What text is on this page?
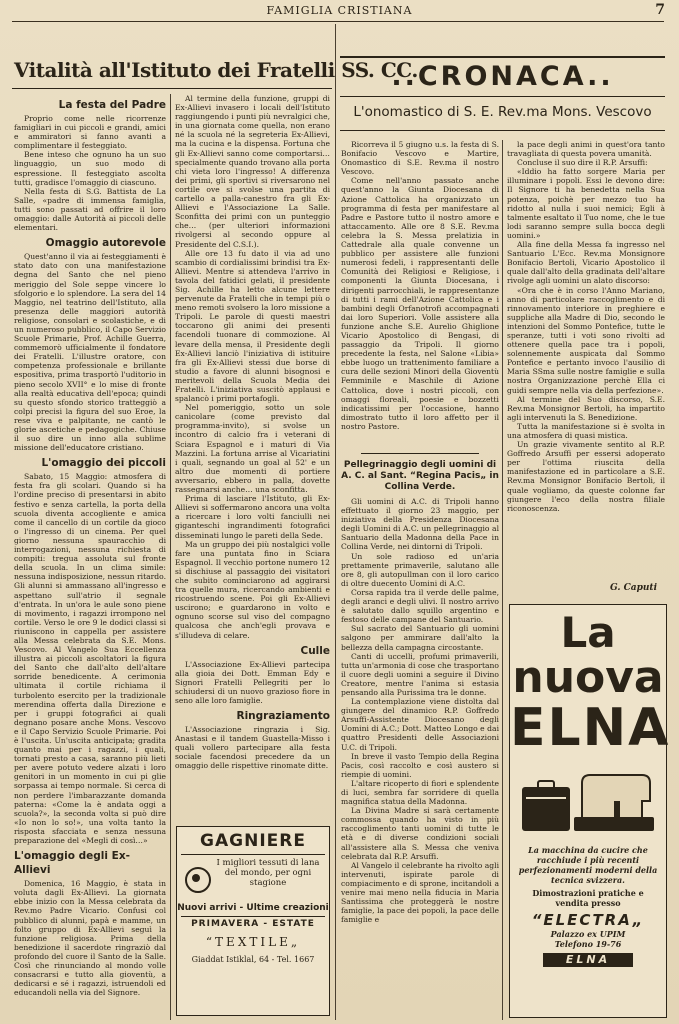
FAMIGLIA CRISTIANA	7
Vitalità all'Istituto dei Fratelli SS. CC.
La festa del Padre

Proprio come nelle ricorrenze famigliari in cui piccoli e grandi, amici e ammiratori si fanno avanti a complimentare il festeggiato.

Bene inteso che ognuno ha un suo linguaggio, un suo modo di espressione. Il festeggiato ascolta tutti, gradisce l'omaggio di ciascuno.

Nella festa di S.G. Battista de La Salle, «padre di immensa famiglia, tutti sono passati ad offrire il loro omaggio: dalle Autorità ai piccoli delle elementari.

Omaggio autorevole

Quest'anno il via ai festeggiamenti è stato dato con una manifestazione degna del Santo che nel pieno meriggio del Sole seppe vincere lo sfolgorio e lo splendore. La sera del 14 Maggio, nel teatrino dell'Istituto, alla presenza delle maggiori autorità religiose, consolari e scolastiche, e di un numeroso pubblico, il Capo Servizio Scuole Primarie, Prof. Achille Guerra, commemorò ufficialmente il fondatore dei Fratelli. L'illustre oratore, con competenza professionale e brillante espositiva, prima trasportò l'uditorio in pieno secolo XVII° e lo mise di fronte alla realtà educativa dell'epoca; quindi su questo sfondo storico tratteggiò a colpi precisi la figura del suo Eroe, la rese viva e palpitante, ne cantò le glorie ascetiche e pedagogiche. Chiuse il suo dire un inno alla sublime missione dell'educatore cristiano.

L'omaggio dei piccoli

Sabato, 15 Maggio: atmosfera di festa fra gli scolari. Quando si ha l'ordine preciso di presentarsi in abito festivo e senza cartella, la porta della scuola diventa accogliente e amica come il cancello di un cortile da gioco o l'ingresso di un cinema. Per quel giorno nessuna spauracchio di interrogazioni, nessuna richiesta di compiti: tregua assoluta sul fronte della scuola. In un clima simile: nessuna indisposizione, nessun ritardo. Gli alunni si ammassano all'ingresso e aspettano sull'atrio il segnale d'entrata. In un'ora le aule sono piene di movimento, i ragazzi irrompono nel cortile. Verso le ore 9 le dodici classi si riuniscono in cappella per assistere alla Messa celebrata da S.E. Mons. Vescovo. Al Vangelo Sua Eccellenza illustra ai piccoli ascoltatori la figura del Santo che dall'alto dell'altare sorride benedicente. A cerimonia ultimata il cortile richiama il turbolento esercito per la tradizionale merendina offerta dalla Direzione e per i gruppi fotografici ai quali degnano posare anche Mons. Vescovo e il Capo Servizio Scuole Primarie. Poi è l'uscita. Un'uscita anticipata; gradita quanto mai per i ragazzi, i quali, tornati presto a casa, saranno più lieti per avere potuto vedere alzati i loro genitori in un momento in cui pi glie sorpassa ai tempo normale. Si cerca di non perdere l'imbarazzante domanda paterna: «Come la è andata oggi a scuola?», la seconda volta si può dire «Io non lo so!», una volta tanto la risposta sfacciata e senza nessuna preparazione del «Megli di così…»

L'omaggio degli Ex-Allievi

Domenica, 16 Maggio, è stata in voluta dagli Ex-Allievi. La giornata ebbe inizio con la Messa celebrata da Rev.mo Padre Vicario. Confusi col pubblico di alunni, papà e mamme, un folto gruppo di Ex-Allievi seguì la funzione religiosa. Prima della benedizione il sacerdote ringraziò dal profondo del cuore il Santo de la Salle. Così che rinunciando al mondo volle consacrarsi e tutto alla gioventù, a dedicarsi e sé i ragazzi, istruendoli ed educandoli nella via del Signore.

Al termine della funzione, gruppi di Ex-Allievi invasero i locali dell'Istituto raggiungendo i punti più nevralgici che, in una giornata come quella, non erano né la scuola né la segreteria Ex-Allievi, ma la cucina e la dispensa. Fortuna che gli Ex-Allievi sanno come comportarsi… specialmente quando trovano alla porta chi vieta loro l'ingresso! A differenza dei primi, gli sportivi si riversarono nel cortile ove si svolse una partita di cartello a palla-canestro fra gli Ex-Allievi e l'Associazione La Salle. Sconfitta dei primi con un punteggio che… (per ulteriori informazioni rivolgersi al secondo oppure al Presidente del C.S.I.).

Alle ore 13 fu dato il via ad uno scambio di cordialissimi brindisi tra Ex-Allievi. Mentre si attendeva l'arrivo in tavola del fatidici gelati, il presidente Sig. Achille ha letto alcune lettere pervenute da Fratelli che in tempi più o meno remoti svolsero la loro missione a Tripoli. Le parole di questi maestri toccarono gli animi dei presenti facendoli tuonare di commozione. Al levare della mensa, il Presidente degli Ex-Allievi lanciò l'iniziativa di istituire fra gli Ex-Allievi stessi due borse di studio a favore di alunni bisognosi e meritevoli della Scuola Media dei Fratelli. L'iniziativa suscitò applausi e spalancò i primi portafogli.

Nel pomeriggio, sotto un sole canicolare (come previsto dal programma-invito), si svolse un incontro di calcio fra i veterani di Sciara Espagnol e i maturi di Via Mazzini. La fortuna arrise al Vicariatini i quali, segnando un goal al 52' e un altro due momenti di portiere avversario, ebbero in palla, dovette rassegnarsi anche… una sconfitta.

Prima di lasciare l'Istituto, gli Ex-Allievi si soffermarono ancora una volta a ricercare i loro volti fanciulli nei giganteschi ingrandimenti fotografici disseminati lungo le pareti della Sede.

Ma un gruppo dei più nostalgici volle fare una puntata fino in Sciara Espagnol. Il vecchio portone numero 12 si dischiuse al passaggio dei visitatori che subito cominciarono ad aggirarsi tra quelle mura, ricercando ambienti e ricostruendo scene. Poi gli Ex-Allievi uscirono; e guardarono in volto e ognuno scorse sul viso del compagno qualcosa che anch'egli provava e s'illudeva di celare.

Culle

L'Associazione Ex-Allievi partecipa alla gioia dei Dott. Emman Edy e Signori Fratelli Pellegriti per lo schiudersi di un nuovo grazioso fiore in seno alle loro famiglie.

Ringraziamento

L'Associazione ringrazia i Sig. Anastasi e il tandem Guastella-Misso i quali vollero partecipare alla festa sociale facendosi precedere da un omaggio delle rispettive rinomate ditte.

GAGNIERE
I migliori tessuti di lana del mondo, per ogni stagione
Nuovi arrivi - Ultime creazioni
PRIMAVERA - ESTATE
“TEXTILE„
Giaddat Istiklal, 64 - Tel. 1667
..CRONACA..
L'onomastico di S. E. Rev.ma Mons. Vescovo

Ricorreva il 5 giugno u.s. la festa di S. Bonifacio Vescovo e Martire, Onomastico di S.E. Rev.ma il nostro Vescovo.

Come nell'anno passato anche quest'anno la Giunta Diocesana di Azione Cattolica ha organizzato un programma di festa per manifestare al Padre e Pastore tutto il nostro amore e attaccamento. Alle ore 8 S.E. Rev.ma celebra la S. Messa prelatizia in Cattedrale alla quale convenne un pubblico per assistere alle funzioni numerosi fedeli, i rappresentanti delle Comunità dei Religiosi e Religiose, i componenti la Giunta Diocesana, i dirigenti parrocchiali, le rappresentanze di tutti i rami dell'Azione Cattolica e i bambini degli Orfanotrofi accompagnati dai loro Superiori. Volle assistere alla funzione anche S.E. Aurelio Ghiglione Vicario Apostolico di Bengasi, di passaggio da Tripoli. Il giorno precedente la festa, nel Salone «Libia» ebbe luogo un trattenimento familiare a cura delle sezioni Minori della Gioventù Femminile e Maschile di Azione Cattolica, dove i nostri piccoli, con omaggi floreali, poesie e bozzetti indicatissimi per l'occasione, hanno dimostrato tutto il loro affetto per il nostro Pastore.

Pellegrinaggio degli uomini di A. C. al Sant. “Regina Pacis„ in Collina Verde.

Gli uomini di A.C. di Tripoli hanno effettuato il giorno 23 maggio, per iniziativa della Presidenza Diocesana degli Uomini di A.C. un pellegrinaggio al Santuario della Madonna della Pace in Collina Verde, nei dintorni di Tripoli.

Un sole radioso ed un'aria prettamente primaverile, salutano alle ore 8, gli autopullman con il loro carico di oltre duecento Uomini di A.C.

Corsa rapida tra il verde delle palme, degli aranci e degli ulivi. Il nostro arrivo è salutato dallo squillo argentino e festoso delle campane del Santuario.

Sul sacrato del Santuario gli uomini salgono per ammirare dall'alto la bellezza della campagna circostante.

Canti di uccelli, profumi primaverili, tutta un'armonia di cose che trasportano il cuore degli uomini a seguire il Divino Creatore, mentre l'anima si estasia pensando alla Purissima tra le donne.

La contemplazione viene distolta dal giungere del dinamico R.P. Goffredo Arsuffi-Assistente Diocesano degli Uomini di A.C.; Dott. Matteo Longo e dai quattro Presidenti delle Associazioni U.C. di Tripoli.

In breve il vasto Tempio della Regina Pacis, così raccolto e così austero si riempie di uomini.

L'altare ricoperto di fiori e splendente di luci, sembra far sorridere di quella magnifica statua della Madonna.

La Divina Madre si sarà certamente commossa quando ha visto in più raccoglimento tanti uomini di tutte le età e di diverse condizioni sociali all'assistere alla S. Messa che veniva celebrata dal R.P. Arsuffi.

Al Vangelo il celebrante ha rivolto agli intervenuti, ispirate parole di compiacimento e di sprone, incitandoli a venire mai meno nella fiducia in Maria Santissima che proteggerà le nostre famiglie, la pace dei popoli, la pace delle famiglie e

la pace degli animi in quest'ora tanto travagliata di questa povera umanità.

Concluse il suo dire il R.P. Arsuffi:

«Iddio ha fatto sorgere Maria per illuminare i popoli. Essi le devono dire: Il Signore ti ha benedetta nella Sua potenza, poichè per mezzo tuo ha ridotto al nulla i suoi nemici; Egli à talmente esaltato il Tuo nome, che le tue lodi saranno sempre sulla bocca degli uomini.»

Alla fine della Messa fa ingresso nel Santuario L'Ecc. Rev.ma Monsignore Bonifacio Bertoli, Vicario Apostolico il quale dall'alto della gradinata dell'altare rivolge agli uomini un alato discorso:

«Ora che è in corso l'Anno Mariano, anno di particolare raccoglimento e di rinnovamento interiore in preghiere e suppliche alla Madre di Dio, secondo le intenzioni del Sommo Pontefice, tutte le speranze, tutti i voti sono rivolti ad ottenere quella pace tra i popoli, solennemente auspicata dal Sommo Pontefice e pertanto invoco l'ausilio di Maria SSma sulle nostre famiglie e sulla nostra Organizzazione perchè Ella ci guidi sempre nella via della perfezione».

Al termine del Suo discorso, S.E. Rev.ma Monsignor Bertoli, ha impartito agli intervenuti la S. Benedizione.

Tutta la manifestazione si è svolta in una atmosfera di quasi mistica.

Un grazie vivamente sentito al R.P. Goffredo Arsuffi per essersi adoperato per l'ottima riuscita della manifestazione ed in particolare a S.E. Rev.ma Monsignor Bonifacio Bertoli, il quale vogliamo, da queste colonne far giungere l'eco della nostra filiale riconoscenza.

G. Caputi
La
nuova
ELNA
La macchina da cucire che racchiude i più recenti perfezionamenti moderni della tecnica svizzera.
Dimostrazioni pratiche e vendita presso
“ELECTRA„
Palazzo ex UPIM
Telefono 19-76
ELNA
